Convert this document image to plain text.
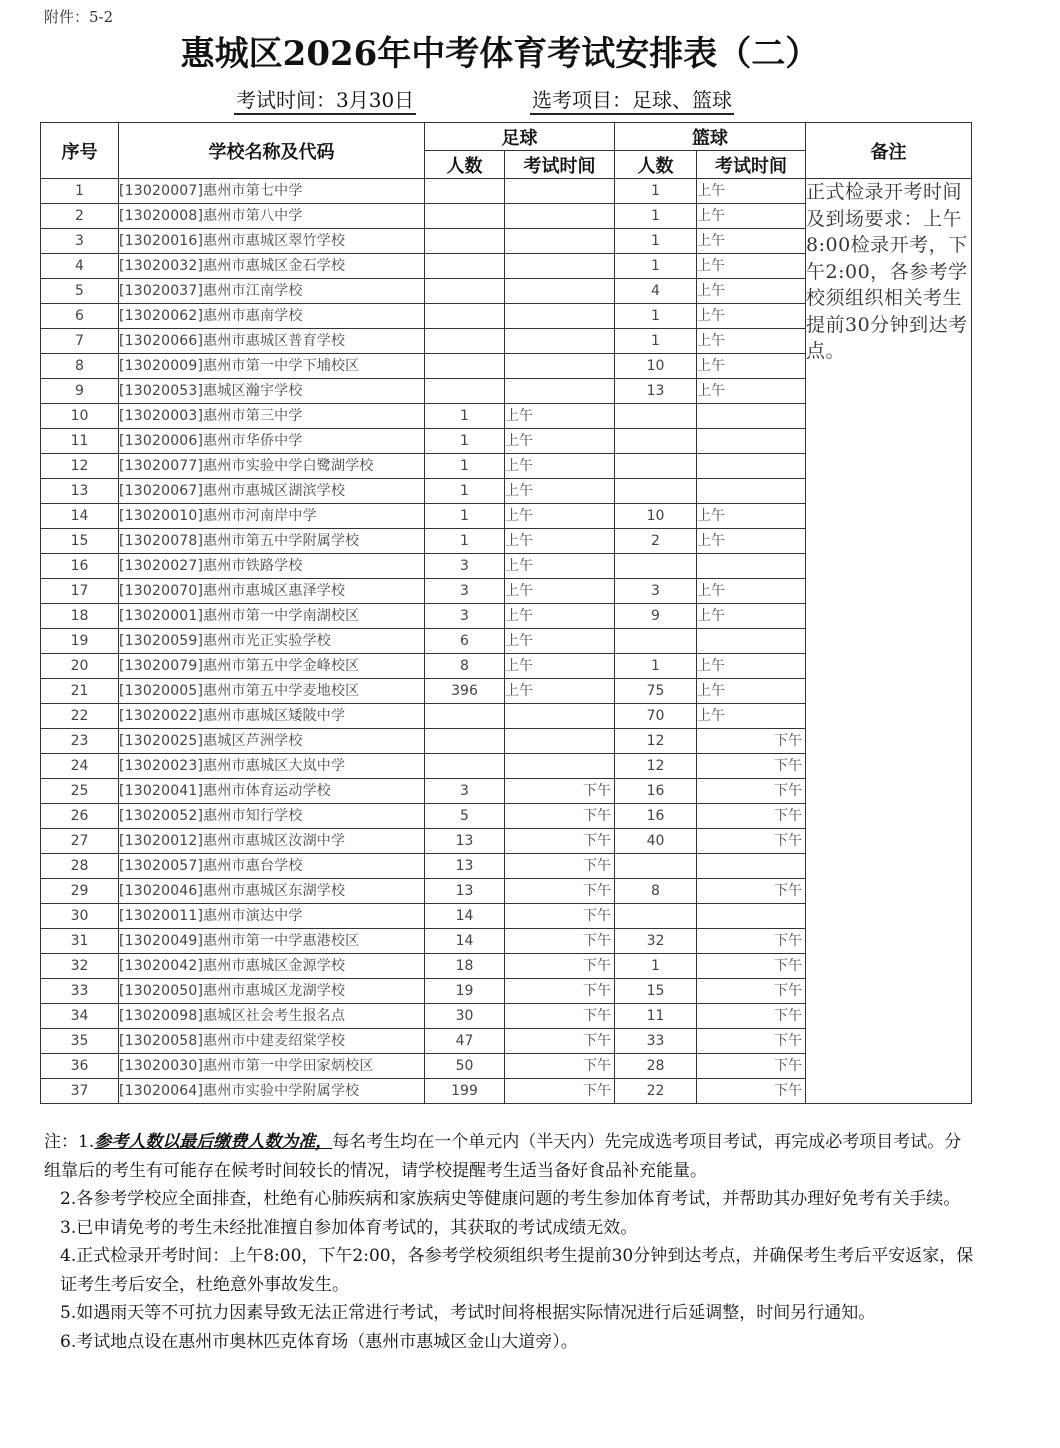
附件：5-2
惠城区2026年中考体育考试安排表（二）
考试时间：3月30日	选考项目：足球、篮球
序号	学校名称及代码	足球		篮球		备注
		人数	考试时间	人数	考试时间	
1	[13020007]惠州市第七中学			1	上午	正式检录开考时间及到场要求：上午8:00检录开考，下午2:00，各参考学校须组织相关考生提前30分钟到达考点。
2	[13020008]惠州市第八中学			1	上午	
3	[13020016]惠州市惠城区翠竹学校			1	上午	
4	[13020032]惠州市惠城区金石学校			1	上午	
5	[13020037]惠州市江南学校			4	上午	
6	[13020062]惠州市惠南学校			1	上午	
7	[13020066]惠州市惠城区普育学校			1	上午	
8	[13020009]惠州市第一中学下埔校区			10	上午	
9	[13020053]惠城区瀚宇学校			13	上午	
10	[13020003]惠州市第三中学	1	上午			
11	[13020006]惠州市华侨中学	1	上午			
12	[13020077]惠州市实验中学白鹭湖学校	1	上午			
13	[13020067]惠州市惠城区湖滨学校	1	上午			
14	[13020010]惠州市河南岸中学	1	上午	10	上午	
15	[13020078]惠州市第五中学附属学校	1	上午	2	上午	
16	[13020027]惠州市铁路学校	3	上午			
17	[13020070]惠州市惠城区惠泽学校	3	上午	3	上午	
18	[13020001]惠州市第一中学南湖校区	3	上午	9	上午	
19	[13020059]惠州市光正实验学校	6	上午			
20	[13020079]惠州市第五中学金峰校区	8	上午	1	上午	
21	[13020005]惠州市第五中学麦地校区	396	上午	75	上午	
22	[13020022]惠州市惠城区矮陂中学			70	上午	
23	[13020025]惠城区芦洲学校			12	下午	
24	[13020023]惠州市惠城区大岚中学			12	下午	
25	[13020041]惠州市体育运动学校	3	下午	16	下午	
26	[13020052]惠州市知行学校	5	下午	16	下午	
27	[13020012]惠州市惠城区汝湖中学	13	下午	40	下午	
28	[13020057]惠州市惠台学校	13	下午			
29	[13020046]惠州市惠城区东湖学校	13	下午	8	下午	
30	[13020011]惠州市演达中学	14	下午			
31	[13020049]惠州市第一中学惠港校区	14	下午	32	下午	
32	[13020042]惠州市惠城区金源学校	18	下午	1	下午	
33	[13020050]惠州市惠城区龙湖学校	19	下午	15	下午	
34	[13020098]惠城区社会考生报名点	30	下午	11	下午	
35	[13020058]惠州市中建麦绍棠学校	47	下午	33	下午	
36	[13020030]惠州市第一中学田家炳校区	50	下午	28	下午	
37	[13020064]惠州市实验中学附属学校	199	下午	22	下午	

注：1.参考人数以最后缴费人数为准，每名考生均在一个单元内（半天内）先完成选考项目考试，再完成必考项目考试。分组靠后的考生有可能存在候考时间较长的情况，请学校提醒考生适当备好食品补充能量。

2.各参考学校应全面排查，杜绝有心肺疾病和家族病史等健康问题的考生参加体育考试，并帮助其办理好免考有关手续。

3.已申请免考的考生未经批准擅自参加体育考试的，其获取的考试成绩无效。

4.正式检录开考时间：上午8:00，下午2:00，各参考学校须组织考生提前30分钟到达考点，并确保考生考后平安返家，保证考生考后安全，杜绝意外事故发生。

5.如遇雨天等不可抗力因素导致无法正常进行考试，考试时间将根据实际情况进行后延调整，时间另行通知。

6.考试地点设在惠州市奥林匹克体育场（惠州市惠城区金山大道旁）。
